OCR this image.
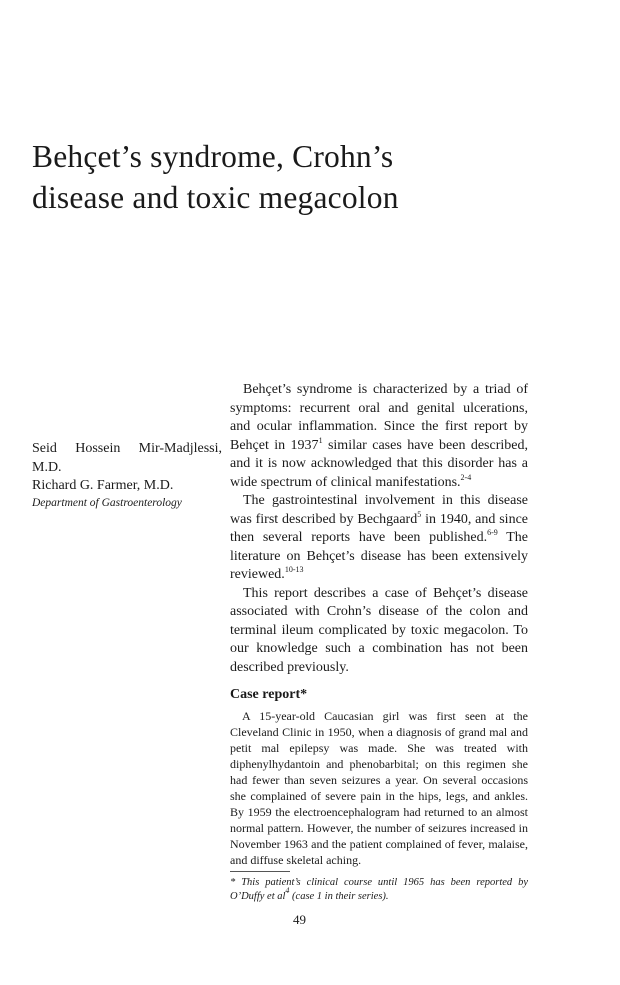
Behçet’s syndrome, Crohn’s
disease and toxic megacolon
Seid Hossein Mir-Madjlessi, M.D.
Richard G. Farmer, M.D.
Department of Gastroenterology

Behçet’s syndrome is characterized by a triad of symptoms: recurrent oral and genital ulcerations, and ocular inflammation. Since the first report by Behçet in 1937$^1$ similar cases have been described, and it is now acknowledged that this disorder has a wide spectrum of clinical manifestations.$^{2-4}$

The gastrointestinal involvement in this disease was first described by Bechgaard$^5$ in 1940, and since then several reports have been published.$^{6-9}$ The literature on Behçet’s disease has been extensively reviewed.$^{10-13}$

This report describes a case of Behçet’s disease associated with Crohn’s disease of the colon and terminal ileum complicated by toxic megacolon. To our knowledge such a combination has not been described previously.

Case report*

A 15-year-old Caucasian girl was first seen at the Cleveland Clinic in 1950, when a diagnosis of grand mal and petit mal epilepsy was made. She was treated with diphenylhydantoin and phenobarbital; on this regimen she had fewer than seven seizures a year. On several occasions she complained of severe pain in the hips, legs, and ankles. By 1959 the electroencephalogram had returned to an almost normal pattern. However, the number of seizures increased in November 1963 and the patient complained of fever, malaise, and diffuse skeletal aching.

* This patient’s clinical course until 1965 has been reported by O’Duffy et $al^4$ (case 1 in their series).

49
